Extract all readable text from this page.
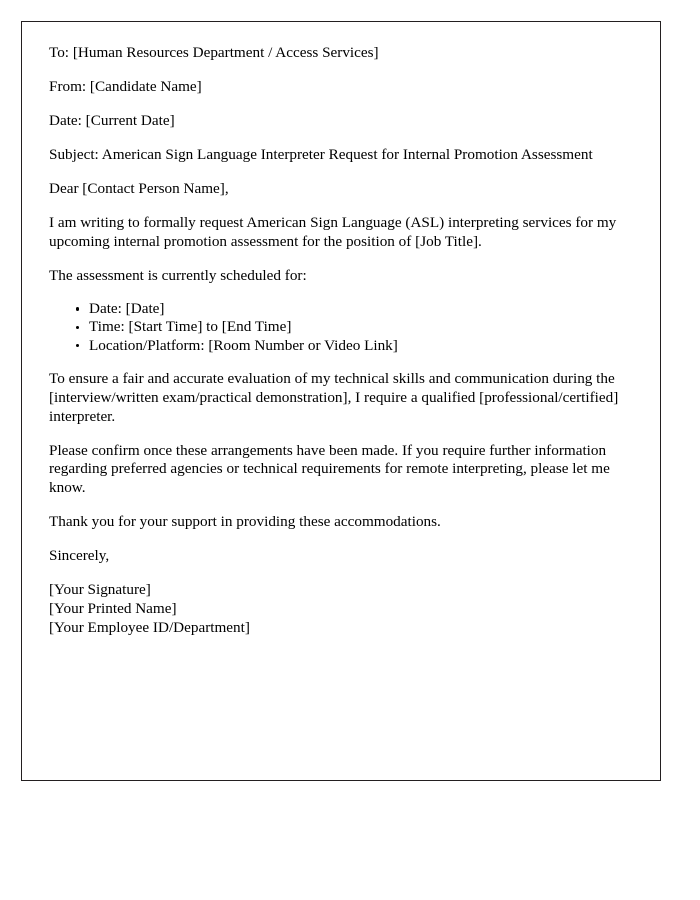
To: [Human Resources Department / Access Services]
From: [Candidate Name]
Date: [Current Date]
Subject: American Sign Language Interpreter Request for Internal Promotion Assessment
Dear [Contact Person Name],

I am writing to formally request American Sign Language (ASL) interpreting services for my upcoming internal promotion assessment for the position of [Job Title].

The assessment is currently scheduled for:

Date: [Date]
Time: [Start Time] to [End Time]
Location/Platform: [Room Number or Video Link]

To ensure a fair and accurate evaluation of my technical skills and communication during the [interview/written exam/practical demonstration], I require a qualified [professional/certified] interpreter.

Please confirm once these arrangements have been made. If you require further information regarding preferred agencies or technical requirements for remote interpreting, please let me know.

Thank you for your support in providing these accommodations.

Sincerely,
[Your Signature]
[Your Printed Name]
[Your Employee ID/Department]
